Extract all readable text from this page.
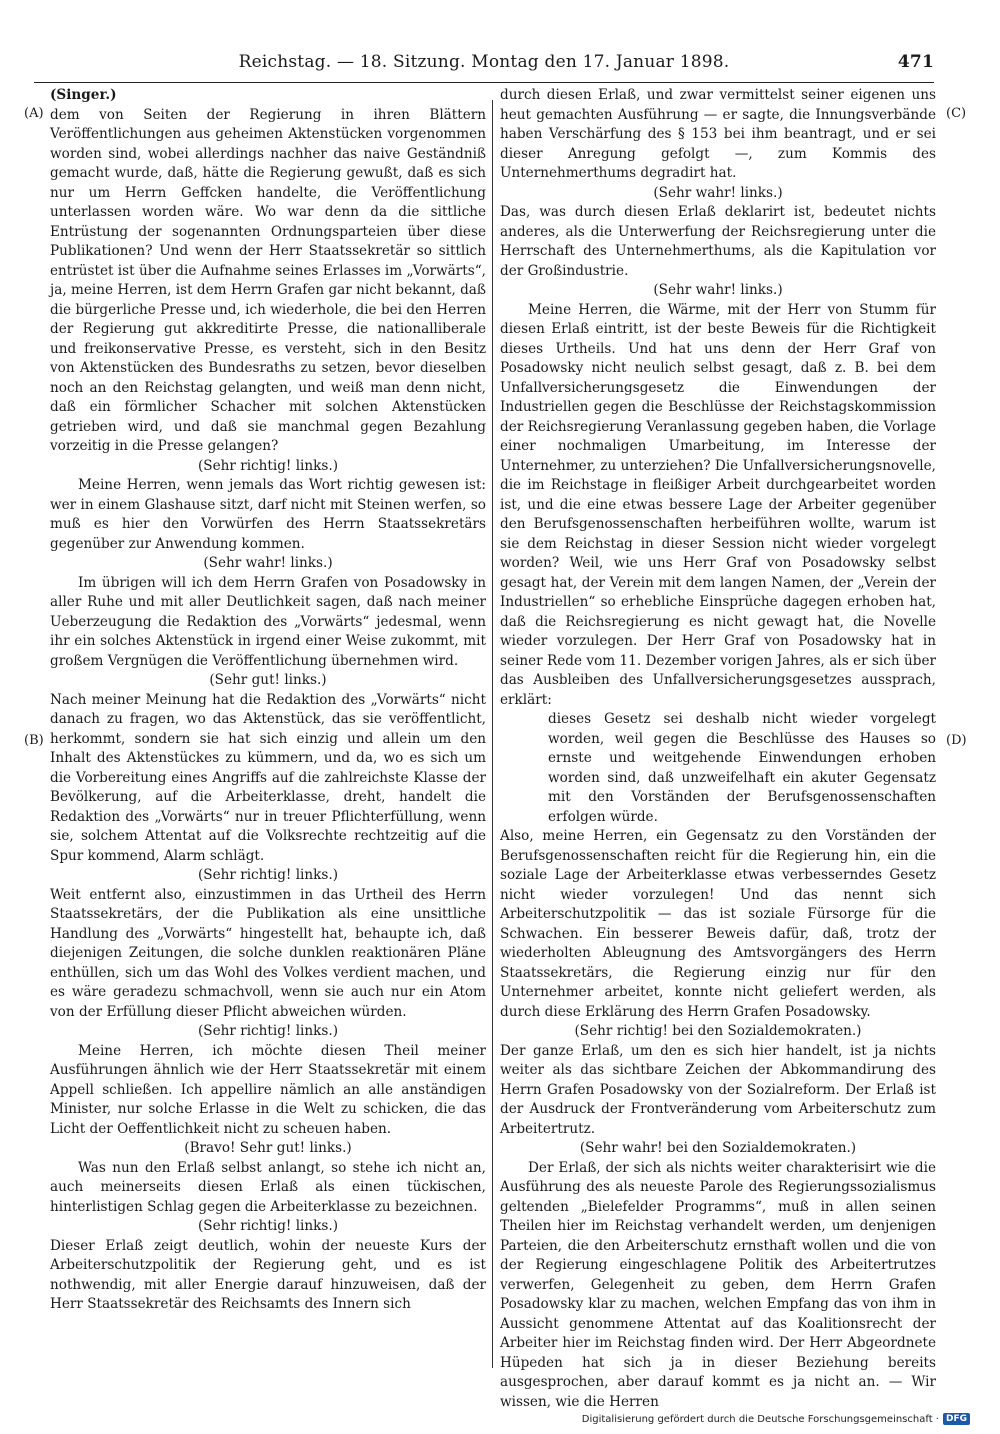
Reichstag. — 18. Sitzung. Montag den 17. Januar 1898.	471
(A)
(B)
(C)
(D)

(Singer.)

dem von Seiten der Regierung in ihren Blättern Veröffentlichungen aus geheimen Aktenstücken vorgenommen worden sind, wobei allerdings nachher das naive Geständniß gemacht wurde, daß, hätte die Regierung gewußt, daß es sich nur um Herrn Geffcken handelte, die Veröffentlichung unterlassen worden wäre. Wo war denn da die sittliche Entrüstung der sogenannten Ordnungsparteien über diese Publikationen? Und wenn der Herr Staatssekretär so sittlich entrüstet ist über die Aufnahme seines Erlasses im „Vorwärts“, ja, meine Herren, ist dem Herrn Grafen gar nicht bekannt, daß die bürgerliche Presse und, ich wiederhole, die bei den Herren der Regierung gut akkreditirte Presse, die nationalliberale und freikonservative Presse, es versteht, sich in den Besitz von Aktenstücken des Bundesraths zu setzen, bevor dieselben noch an den Reichstag gelangten, und weiß man denn nicht, daß ein förmlicher Schacher mit solchen Aktenstücken getrieben wird, und daß sie manchmal gegen Bezahlung vorzeitig in die Presse gelangen?

(Sehr richtig! links.)

Meine Herren, wenn jemals das Wort richtig gewesen ist: wer in einem Glashause sitzt, darf nicht mit Steinen werfen, so muß es hier den Vorwürfen des Herrn Staatssekretärs gegenüber zur Anwendung kommen.

(Sehr wahr! links.)

Im übrigen will ich dem Herrn Grafen von Posadowsky in aller Ruhe und mit aller Deutlichkeit sagen, daß nach meiner Ueberzeugung die Redaktion des „Vorwärts“ jedesmal, wenn ihr ein solches Aktenstück in irgend einer Weise zukommt, mit großem Vergnügen die Veröffentlichung übernehmen wird.

(Sehr gut! links.)

Nach meiner Meinung hat die Redaktion des „Vorwärts“ nicht danach zu fragen, wo das Aktenstück, das sie veröffentlicht, herkommt, sondern sie hat sich einzig und allein um den Inhalt des Aktenstückes zu kümmern, und da, wo es sich um die Vorbereitung eines Angriffs auf die zahlreichste Klasse der Bevölkerung, auf die Arbeiterklasse, dreht, handelt die Redaktion des „Vorwärts“ nur in treuer Pflichterfüllung, wenn sie, solchem Attentat auf die Volksrechte rechtzeitig auf die Spur kommend, Alarm schlägt.

(Sehr richtig! links.)

Weit entfernt also, einzustimmen in das Urtheil des Herrn Staatssekretärs, der die Publikation als eine unsittliche Handlung des „Vorwärts“ hingestellt hat, behaupte ich, daß diejenigen Zeitungen, die solche dunklen reaktionären Pläne enthüllen, sich um das Wohl des Volkes verdient machen, und es wäre geradezu schmachvoll, wenn sie auch nur ein Atom von der Erfüllung dieser Pflicht abweichen würden.

(Sehr richtig! links.)

Meine Herren, ich möchte diesen Theil meiner Ausführungen ähnlich wie der Herr Staatssekretär mit einem Appell schließen. Ich appellire nämlich an alle anständigen Minister, nur solche Erlasse in die Welt zu schicken, die das Licht der Oeffentlichkeit nicht zu scheuen haben.

(Bravo! Sehr gut! links.)

Was nun den Erlaß selbst anlangt, so stehe ich nicht an, auch meinerseits diesen Erlaß als einen tückischen, hinterlistigen Schlag gegen die Arbeiterklasse zu bezeichnen.

(Sehr richtig! links.)

Dieser Erlaß zeigt deutlich, wohin der neueste Kurs der Arbeiterschutzpolitik der Regierung geht, und es ist nothwendig, mit aller Energie darauf hinzuweisen, daß der Herr Staatssekretär des Reichsamts des Innern sich

durch diesen Erlaß, und zwar vermittelst seiner eigenen uns heut gemachten Ausführung — er sagte, die Innungsverbände haben Verschärfung des § 153 bei ihm beantragt, und er sei dieser Anregung gefolgt —, zum Kommis des Unternehmerthums degradirt hat.

(Sehr wahr! links.)

Das, was durch diesen Erlaß deklarirt ist, bedeutet nichts anderes, als die Unterwerfung der Reichsregierung unter die Herrschaft des Unternehmerthums, als die Kapitulation vor der Großindustrie.

(Sehr wahr! links.)

Meine Herren, die Wärme, mit der Herr von Stumm für diesen Erlaß eintritt, ist der beste Beweis für die Richtigkeit dieses Urtheils. Und hat uns denn der Herr Graf von Posadowsky nicht neulich selbst gesagt, daß z. B. bei dem Unfallversicherungsgesetz die Einwendungen der Industriellen gegen die Beschlüsse der Reichstagskommission der Reichsregierung Veranlassung gegeben haben, die Vorlage einer nochmaligen Umarbeitung, im Interesse der Unternehmer, zu unterziehen? Die Unfallversicherungsnovelle, die im Reichstage in fleißiger Arbeit durchgearbeitet worden ist, und die eine etwas bessere Lage der Arbeiter gegenüber den Berufsgenossenschaften herbeiführen wollte, warum ist sie dem Reichstag in dieser Session nicht wieder vorgelegt worden? Weil, wie uns Herr Graf von Posadowsky selbst gesagt hat, der Verein mit dem langen Namen, der „Verein der Industriellen“ so erhebliche Einsprüche dagegen erhoben hat, daß die Reichsregierung es nicht gewagt hat, die Novelle wieder vorzulegen. Der Herr Graf von Posadowsky hat in seiner Rede vom 11. Dezember vorigen Jahres, als er sich über das Ausbleiben des Unfallversicherungsgesetzes aussprach, erklärt:

dieses Gesetz sei deshalb nicht wieder vorgelegt worden, weil gegen die Beschlüsse des Hauses so ernste und weitgehende Einwendungen erhoben worden sind, daß unzweifelhaft ein akuter Gegensatz mit den Vorständen der Berufsgenossenschaften erfolgen würde.

Also, meine Herren, ein Gegensatz zu den Vorständen der Berufsgenossenschaften reicht für die Regierung hin, ein die soziale Lage der Arbeiterklasse etwas verbesserndes Gesetz nicht wieder vorzulegen! Und das nennt sich Arbeiterschutzpolitik — das ist soziale Fürsorge für die Schwachen. Ein besserer Beweis dafür, daß, trotz der wiederholten Ableugnung des Amtsvorgängers des Herrn Staatssekretärs, die Regierung einzig nur für den Unternehmer arbeitet, konnte nicht geliefert werden, als durch diese Erklärung des Herrn Grafen Posadowsky.

(Sehr richtig! bei den Sozialdemokraten.)

Der ganze Erlaß, um den es sich hier handelt, ist ja nichts weiter als das sichtbare Zeichen der Abkommandirung des Herrn Grafen Posadowsky von der Sozialreform. Der Erlaß ist der Ausdruck der Frontveränderung vom Arbeiterschutz zum Arbeitertrutz.

(Sehr wahr! bei den Sozialdemokraten.)

Der Erlaß, der sich als nichts weiter charakterisirt wie die Ausführung des als neueste Parole des Regierungssozialismus geltenden „Bielefelder Programms“, muß in allen seinen Theilen hier im Reichstag verhandelt werden, um denjenigen Parteien, die den Arbeiterschutz ernsthaft wollen und die von der Regierung eingeschlagene Politik des Arbeitertrutzes verwerfen, Gelegenheit zu geben, dem Herrn Grafen Posadowsky klar zu machen, welchen Empfang das von ihm in Aussicht genommene Attentat auf das Koalitionsrecht der Arbeiter hier im Reichstag finden wird. Der Herr Abgeordnete Hüpeden hat sich ja in dieser Beziehung bereits ausgesprochen, aber darauf kommt es ja nicht an. — Wir wissen, wie die Herren

Digitalisierung gefördert durch die Deutsche Forschungsgemeinschaft · DFG
